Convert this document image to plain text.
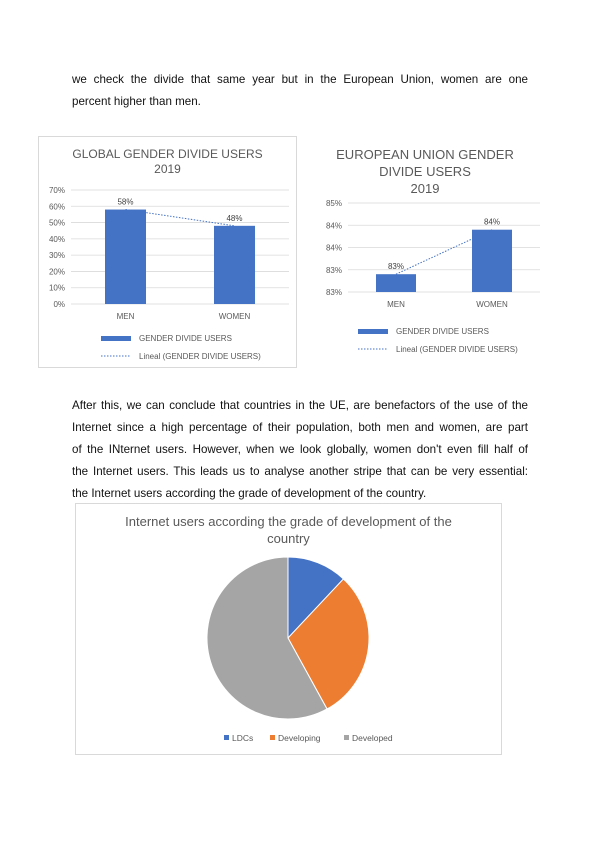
we check the divide that same year but in the European Union, women are one
percent higher than men.
GLOBAL GENDER DIVIDE USERS
2019
0%
10%
20%
30%
40%
50%
60%
70%
58%
MEN
48%
WOMEN
GENDER DIVIDE USERS
Lineal (GENDER DIVIDE USERS)
EUROPEAN UNION GENDER
DIVIDE USERS
2019
83%
83%
84%
84%
85%
83%
MEN
84%
WOMEN
GENDER DIVIDE USERS
Lineal (GENDER DIVIDE USERS)
After this, we can conclude that countries in the UE, are benefactors of the use of the
Internet since a high percentage of their population, both men and women, are part
of the INternet users. However, when we look globally, women don't even fill half of
the Internet users. This leads us to analyse another stripe that can be very essential:
the Internet users according the grade of development of the country.
Internet users according the grade of development of the
country
LDCs	Developing	Developed
